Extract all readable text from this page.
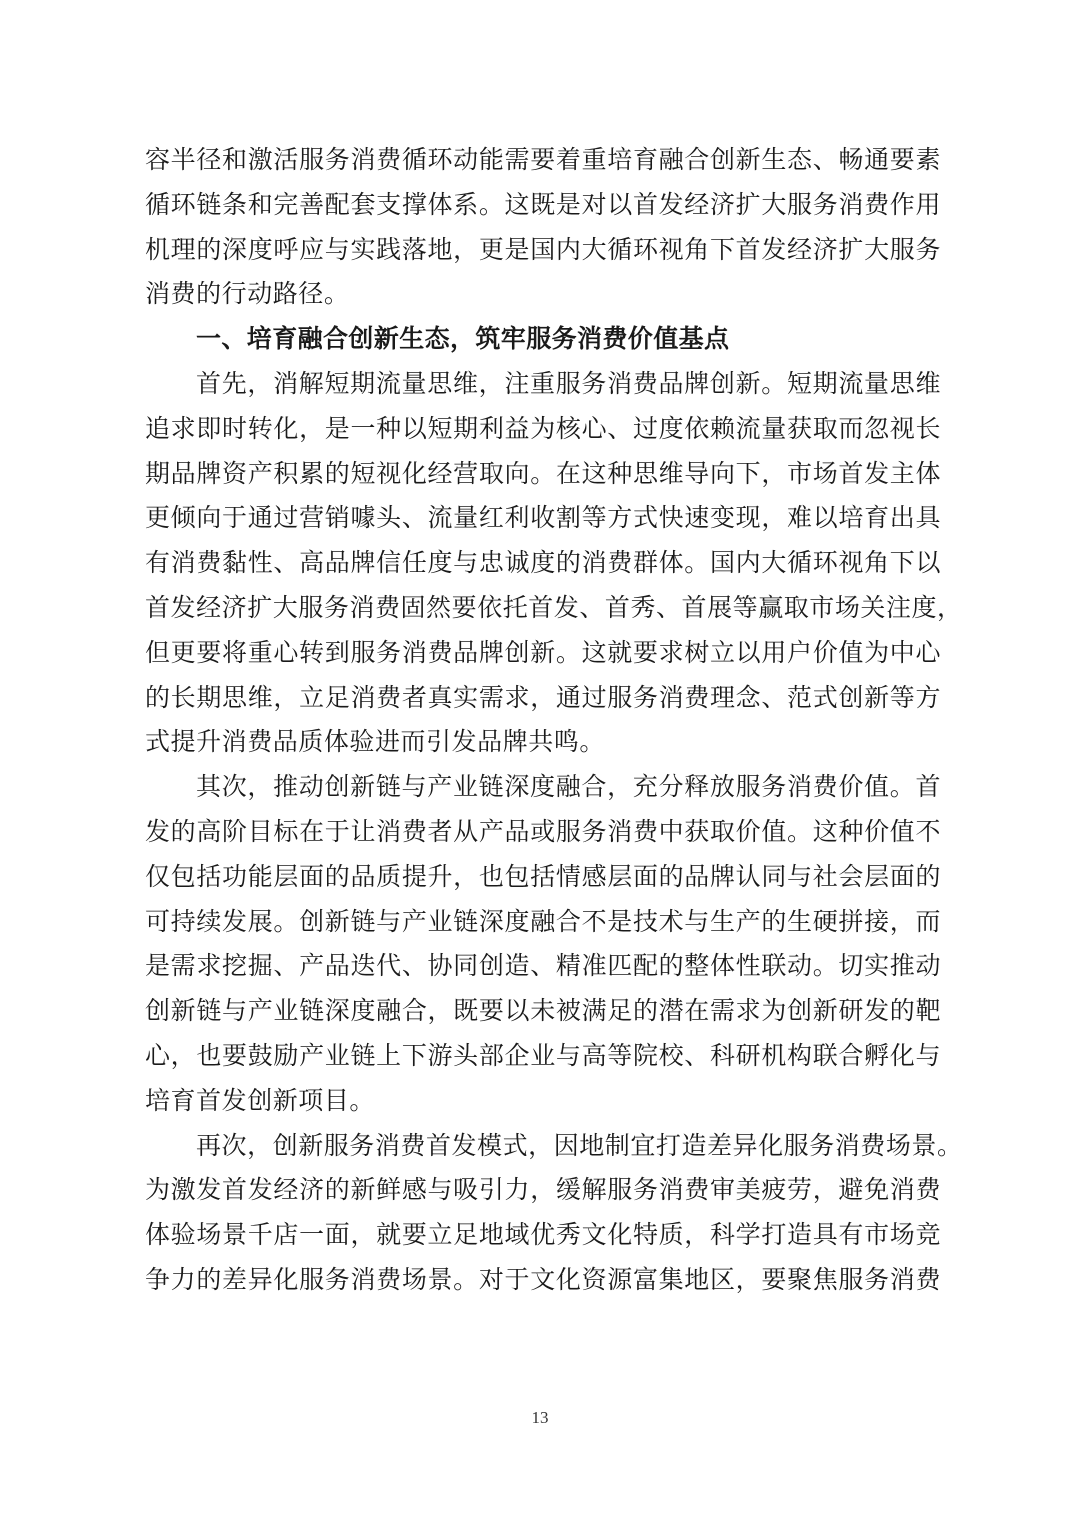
容半径和激活服务消费循环动能需要着重培育融合创新生态、畅通要素
循环链条和完善配套支撑体系。这既是对以首发经济扩大服务消费作用
机理的深度呼应与实践落地，更是国内大循环视角下首发经济扩大服务
消费的行动路径。
一、培育融合创新生态，筑牢服务消费价值基点
首先，消解短期流量思维，注重服务消费品牌创新。短期流量思维
追求即时转化，是一种以短期利益为核心、过度依赖流量获取而忽视长
期品牌资产积累的短视化经营取向。在这种思维导向下，市场首发主体
更倾向于通过营销噱头、流量红利收割等方式快速变现，难以培育出具
有消费黏性、高品牌信任度与忠诚度的消费群体。国内大循环视角下以
首发经济扩大服务消费固然要依托首发、首秀、首展等赢取市场关注度，
但更要将重心转到服务消费品牌创新。这就要求树立以用户价值为中心
的长期思维，立足消费者真实需求，通过服务消费理念、范式创新等方
式提升消费品质体验进而引发品牌共鸣。
其次，推动创新链与产业链深度融合，充分释放服务消费价值。首
发的高阶目标在于让消费者从产品或服务消费中获取价值。这种价值不
仅包括功能层面的品质提升，也包括情感层面的品牌认同与社会层面的
可持续发展。创新链与产业链深度融合不是技术与生产的生硬拼接，而
是需求挖掘、产品迭代、协同创造、精准匹配的整体性联动。切实推动
创新链与产业链深度融合，既要以未被满足的潜在需求为创新研发的靶
心，也要鼓励产业链上下游头部企业与高等院校、科研机构联合孵化与
培育首发创新项目。
再次，创新服务消费首发模式，因地制宜打造差异化服务消费场景。
为激发首发经济的新鲜感与吸引力，缓解服务消费审美疲劳，避免消费
体验场景千店一面，就要立足地域优秀文化特质，科学打造具有市场竞
争力的差异化服务消费场景。对于文化资源富集地区，要聚焦服务消费
13
